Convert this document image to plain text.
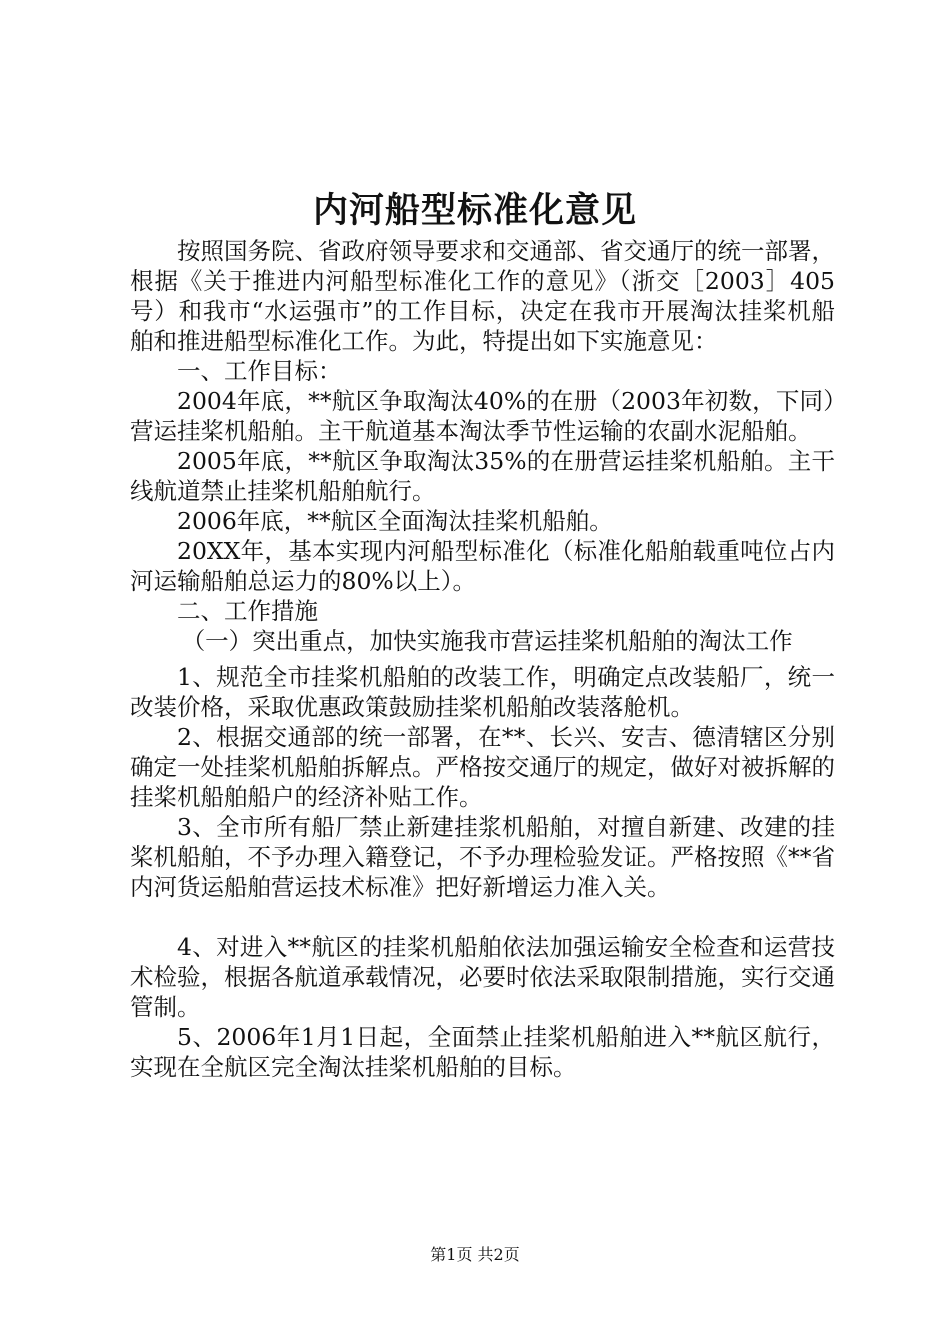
内河船型标准化意见

按照国务院、省政府领导要求和交通部、省交通厅的统一部署，根据《关于推进内河船型标准化工作的意见》（浙交［2003］405号）和我市“水运强市”的工作目标，决定在我市开展淘汰挂桨机船舶和推进船型标准化工作。为此，特提出如下实施意见：

一、工作目标：

2004年底，**航区争取淘汰40%的在册（2003年初数，下同）营运挂桨机船舶。主干航道基本淘汰季节性运输的农副水泥船舶。

2005年底，**航区争取淘汰35%的在册营运挂桨机船舶。主干线航道禁止挂桨机船舶航行。

2006年底，**航区全面淘汰挂桨机船舶。

20XX年，基本实现内河船型标准化（标准化船舶载重吨位占内河运输船舶总运力的80%以上）。

二、工作措施

（一）突出重点，加快实施我市营运挂桨机船舶的淘汰工作

1、规范全市挂桨机船舶的改装工作，明确定点改装船厂，统一改装价格，采取优惠政策鼓励挂桨机船舶改装落舱机。

2、根据交通部的统一部署，在**、长兴、安吉、德清辖区分别确定一处挂桨机船舶拆解点。严格按交通厅的规定，做好对被拆解的挂桨机船舶船户的经济补贴工作。

3、全市所有船厂禁止新建挂浆机船舶，对擅自新建、改建的挂桨机船舶，不予办理入籍登记，不予办理检验发证。严格按照《**省内河货运船舶营运技术标准》把好新增运力准入关。

4、对进入**航区的挂桨机船舶依法加强运输安全检查和运营技术检验，根据各航道承载情况，必要时依法采取限制措施，实行交通管制。

5、2006年1月1日起，全面禁止挂桨机船舶进入**航区航行，实现在全航区完全淘汰挂桨机船舶的目标。

第1页 共2页
